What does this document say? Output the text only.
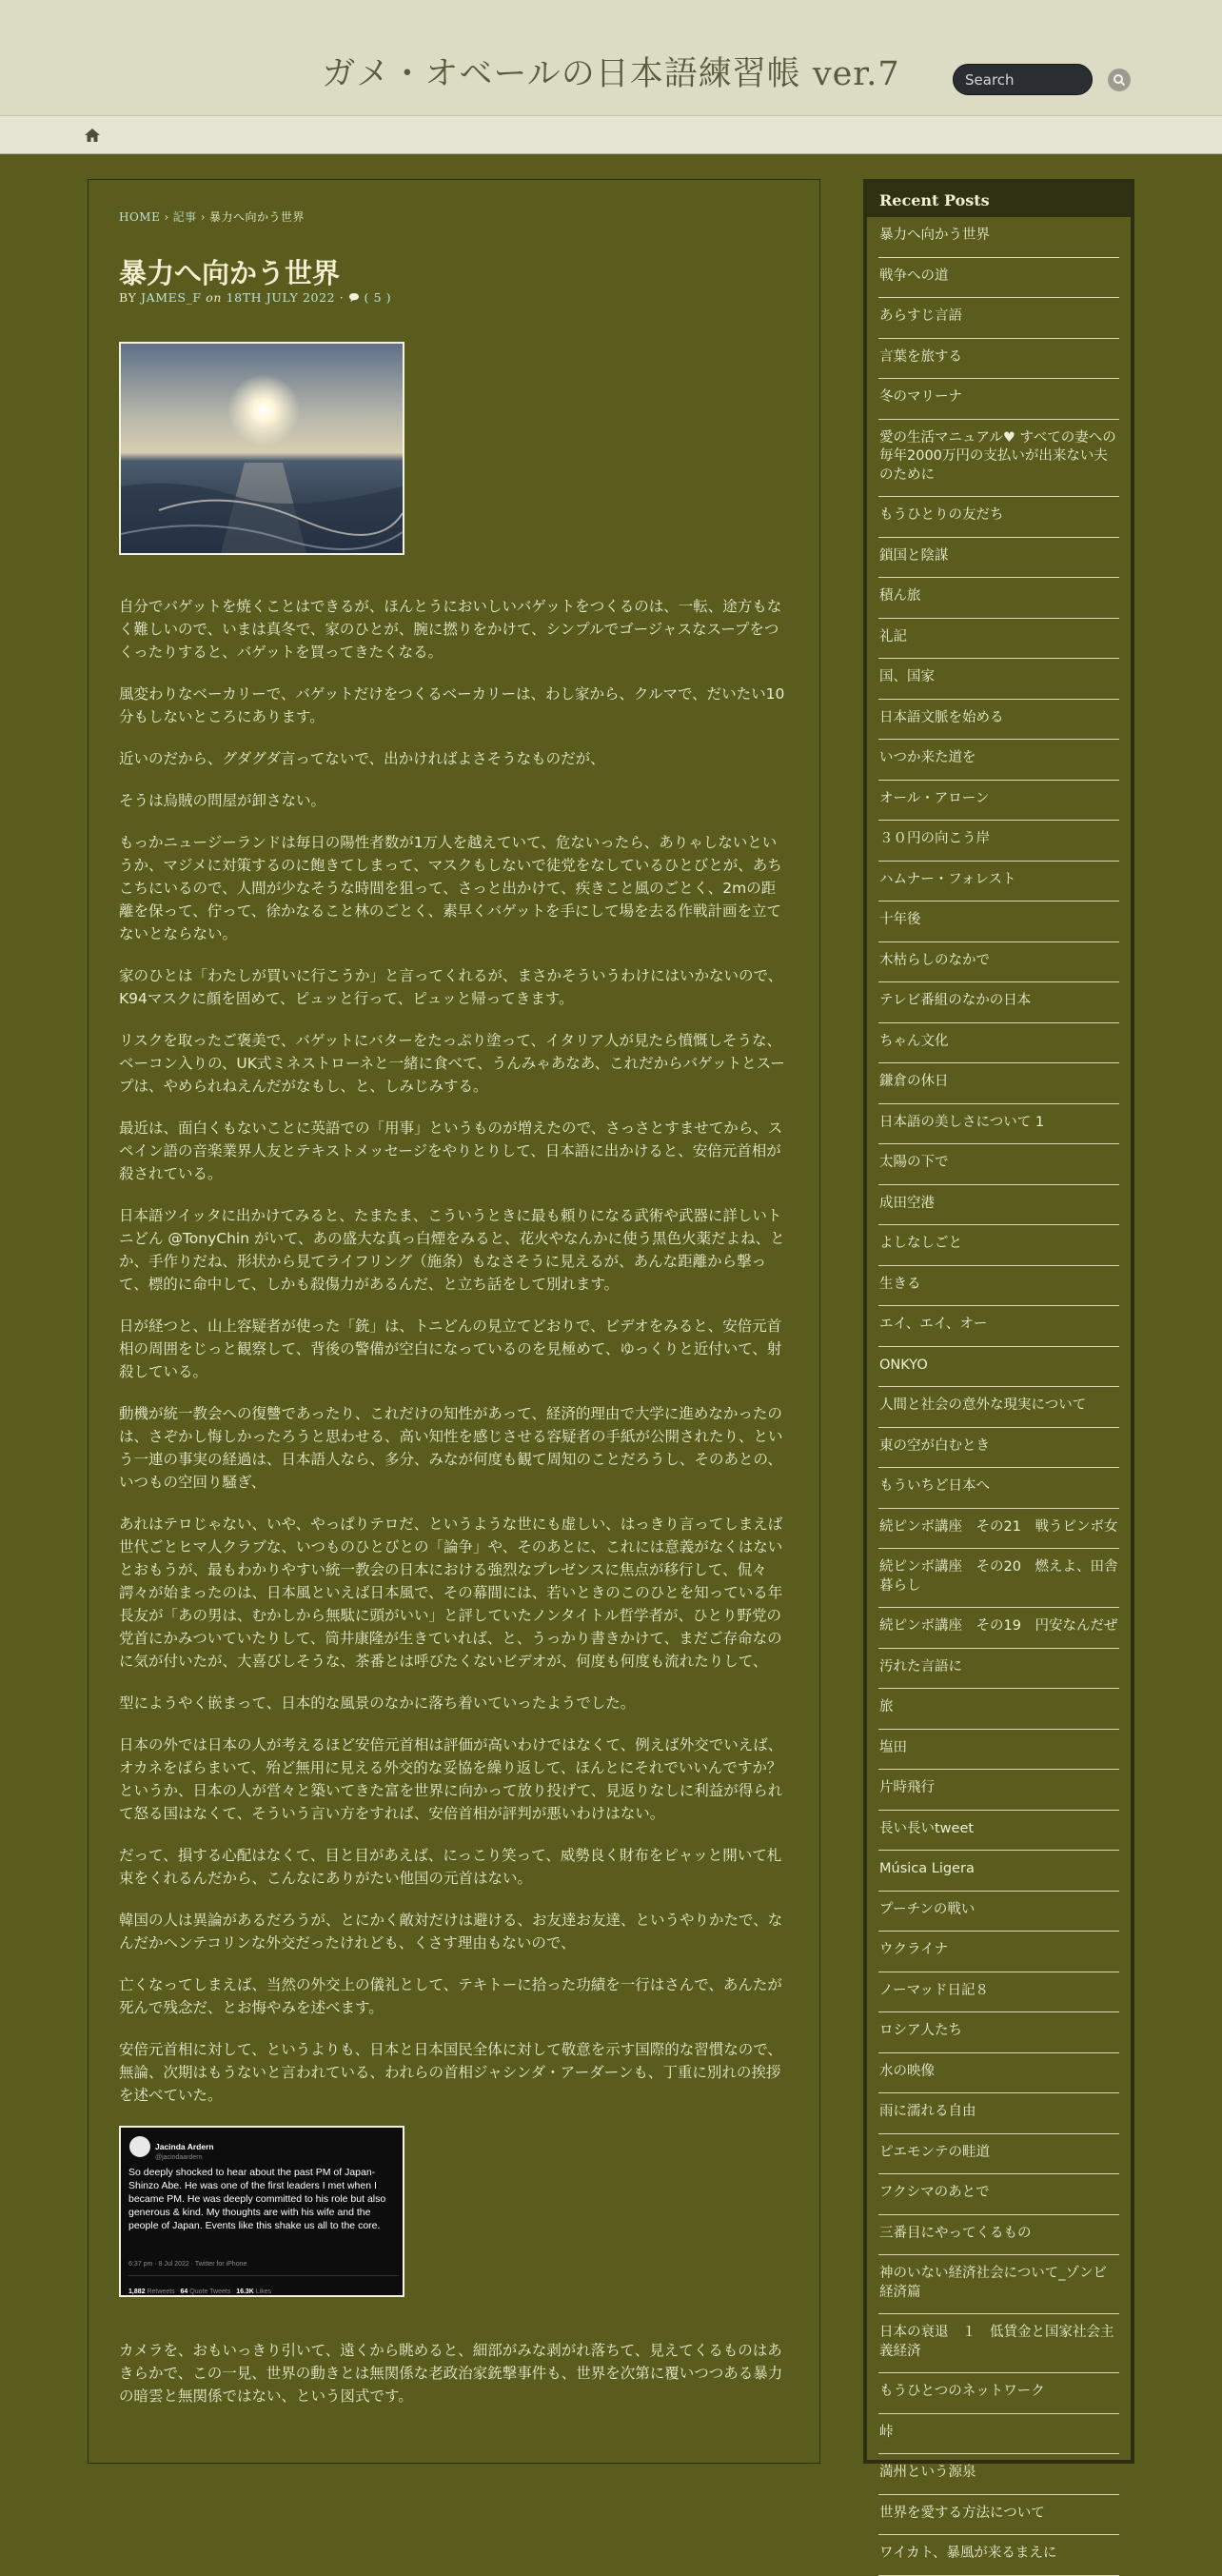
ガメ・オベールの日本語練習帳 ver.7
Search
HOME › 記事 › 暴力へ向かう世界
暴力へ向かう世界
BY JAMES_F on 18TH JULY 2022 · ( 5 )

自分でバゲットを焼くことはできるが、ほんとうにおいしいバゲットをつくるのは、一転、途方もなく難しいので、いまは真冬で、家のひとが、腕に撚りをかけて、シンプルでゴージャスなスープをつくったりすると、バゲットを買ってきたくなる。

風変わりなベーカリーで、バゲットだけをつくるベーカリーは、わし家から、クルマで、だいたい10分もしないところにあります。

近いのだから、グダグダ言ってないで、出かければよさそうなものだが、

そうは烏賊の問屋が卸さない。

もっかニュージーランドは毎日の陽性者数が1万人を越えていて、危ないったら、ありゃしないというか、マジメに対策するのに飽きてしまって、マスクもしないで徒党をなしているひとびとが、あちこちにいるので、人間が少なそうな時間を狙って、さっと出かけて、疾きこと風のごとく、2mの距離を保って、佇って、徐かなること林のごとく、素早くバゲットを手にして場を去る作戦計画を立てないとならない。

家のひとは「わたしが買いに行こうか」と言ってくれるが、まさかそういうわけにはいかないので、K94マスクに顔を固めて、ピュッと行って、ピュッと帰ってきます。

リスクを取ったご褒美で、バゲットにバターをたっぷり塗って、イタリア人が見たら憤慨しそうな、ベーコン入りの、UK式ミネストローネと一緒に食べて、うんみゃあなあ、これだからバゲットとスープは、やめられねえんだがなもし、と、しみじみする。

最近は、面白くもないことに英語での「用事」というものが増えたので、さっさとすませてから、スペイン語の音楽業界人友とテキストメッセージをやりとりして、日本語に出かけると、安倍元首相が殺されている。

日本語ツイッタに出かけてみると、たまたま、こういうときに最も頼りになる武術や武器に詳しいトニどん @TonyChin がいて、あの盛大な真っ白煙をみると、花火やなんかに使う黒色火薬だよね、とか、手作りだね、形状から見てライフリング（施条）もなさそうに見えるが、あんな距離から撃って、標的に命中して、しかも殺傷力があるんだ、と立ち話をして別れます。

日が経つと、山上容疑者が使った「銃」は、トニどんの見立てどおりで、ビデオをみると、安倍元首相の周囲をじっと観察して、背後の警備が空白になっているのを見極めて、ゆっくりと近付いて、射殺している。

動機が統一教会への復讐であったり、これだけの知性があって、経済的理由で大学に進めなかったのは、さぞかし悔しかったろうと思わせる、高い知性を感じさせる容疑者の手紙が公開されたり、という一連の事実の経過は、日本語人なら、多分、みなが何度も観て周知のことだろうし、そのあとの、いつもの空回り騒ぎ、

あれはテロじゃない、いや、やっぱりテロだ、というような世にも虚しい、はっきり言ってしまえば世代ごとヒマ人クラブな、いつものひとびとの「論争」や、そのあとに、これには意義がなくはないとおもうが、最もわかりやすい統一教会の日本における強烈なプレゼンスに焦点が移行して、侃々諤々が始まったのは、日本風といえば日本風で、その幕間には、若いときのこのひとを知っている年長友が「あの男は、むかしから無駄に頭がいい」と評していたノンタイトル哲学者が、ひとり野党の党首にかみついていたりして、筒井康隆が生きていれば、と、うっかり書きかけて、まだご存命なのに気が付いたが、大喜びしそうな、茶番とは呼びたくないビデオが、何度も何度も流れたりして、

型にようやく嵌まって、日本的な風景のなかに落ち着いていったようでした。

日本の外では日本の人が考えるほど安倍元首相は評価が高いわけではなくて、例えば外交でいえば、オカネをばらまいて、殆ど無用に見える外交的な妥協を繰り返して、ほんとにそれでいいんですか？というか、日本の人が営々と築いてきた富を世界に向かって放り投げて、見返りなしに利益が得られて怒る国はなくて、そういう言い方をすれば、安倍首相が評判が悪いわけはない。

だって、損する心配はなくて、目と目があえば、にっこり笑って、威勢良く財布をピャッと開いて札束をくれるんだから、こんなにありがたい他国の元首はない。

韓国の人は異論があるだろうが、とにかく敵対だけは避ける、お友達お友達、というやりかたで、なんだかヘンテコリンな外交だったけれども、くさす理由もないので、

亡くなってしまえば、当然の外交上の儀礼として、テキトーに拾った功績を一行はさんで、あんたが死んで残念だ、とお悔やみを述べます。

安倍元首相に対して、というよりも、日本と日本国民全体に対して敬意を示す国際的な習慣なので、無論、次期はもうないと言われている、われらの首相ジャシンダ・アーダーンも、丁重に別れの挨拶を述べていた。

Jacinda Ardern
@jacindaardern
So deeply shocked to hear about the past PM of Japan-Shinzo Abe. He was one of the first leaders I met when I became PM. He was deeply committed to his role but also generous & kind. My thoughts are with his wife and the people of Japan. Events like this shake us all to the core.
6:37 pm · 8 Jul 2022 · Twitter for iPhone
1,882 Retweets 64 Quote Tweets 16.3K Likes

カメラを、おもいっきり引いて、遠くから眺めると、細部がみな剥がれ落ちて、見えてくるものはあきらかで、この一見、世界の動きとは無関係な老政治家銃撃事件も、世界を次第に覆いつつある暴力の暗雲と無関係ではない、という図式です。

Recent Posts
暴力へ向かう世界
戦争への道
あらすじ言語
言葉を旅する
冬のマリーナ
愛の生活マニュアル♥ すべての妻への毎年2000万円の支払いが出来ない夫のために
もうひとりの友だち
鎖国と陰謀
積ん旅
礼記
国、国家
日本語文脈を始める
いつか来た道を
オール・アローン
３０円の向こう岸
ハムナー・フォレスト
十年後
木枯らしのなかで
テレビ番組のなかの日本
ちゃん文化
鎌倉の休日
日本語の美しさについて 1
太陽の下で
成田空港
よしなしごと
生きる
エイ、エイ、オー
ONKYO
人間と社会の意外な現実について
東の空が白むとき
もういちど日本へ
続ピンボ講座　その21　戦うピンボ女
続ピンボ講座　その20　燃えよ、田舎暮らし
続ピンボ講座　その19　円安なんだぜ
汚れた言語に
旅
塩田
片時飛行
長い長いtweet
Música Ligera
プーチンの戦い
ウクライナ
ノーマッド日記８
ロシア人たち
水の映像
雨に濡れる自由
ピエモンテの畦道
フクシマのあとで
三番目にやってくるもの
神のいない経済社会について_ゾンビ経済篇
日本の衰退　１　低賃金と国家社会主義経済
もうひとつのネットワーク
峠
満州という源泉
世界を愛する方法について
ワイカト、暴風が来るまえに
